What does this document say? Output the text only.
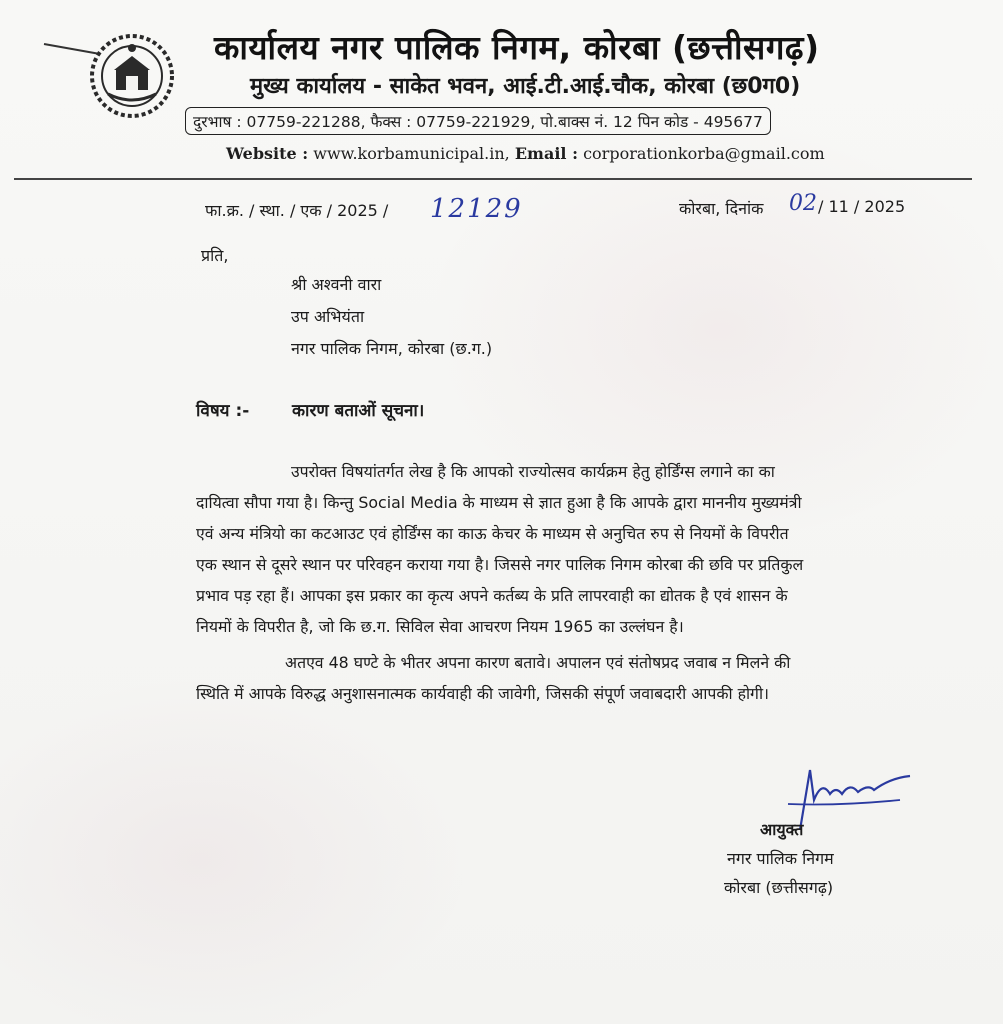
कार्यालय नगर पालिक निगम, कोरबा (छत्तीसगढ़)
मुख्य कार्यालय - साकेत भवन, आई.टी.आई.चौक, कोरबा (छ0ग0)
दुरभाष : 07759-221288, फैक्स : 07759-221929, पो.बाक्स नं. 12 पिन कोड - 495677
Website : www.korbamunicipal.in, Email : corporationkorba@gmail.com
फा.क्र. / स्था. / एक / 2025 / 12129	कोरबा, दिनांक 02 / 11 / 2025
प्रति,
श्री अश्वनी वारा
उप अभियंता
नगर पालिक निगम, कोरबा (छ.ग.)
विषय :-	कारण बताओं सूचना।
उपरोक्त विषयांतर्गत लेख है कि आपको राज्योत्सव कार्यक्रम हेतु होर्डिंग्स लगाने का का
दायित्वा सौपा गया है। किन्तु Social Media के माध्यम से ज्ञात हुआ है कि आपके द्वारा माननीय मुख्यमंत्री
एवं अन्य मंत्रियो का कटआउट एवं होर्डिंग्स का काऊ केचर के माध्यम से अनुचित रुप से नियमों के विपरीत
एक स्थान से दूसरे स्थान पर परिवहन कराया गया है। जिससे नगर पालिक निगम कोरबा की छवि पर प्रतिकुल
प्रभाव पड़ रहा हैं। आपका इस प्रकार का कृत्य अपने कर्तब्य के प्रति लापरवाही का द्योतक है एवं शासन के
नियमों के विपरीत है, जो कि छ.ग. सिविल सेवा आचरण नियम 1965 का उल्लंघन है।
अतएव 48 घण्टे के भीतर अपना कारण बतावे। अपालन एवं संतोषप्रद जवाब न मिलने की
स्थिति में आपके विरुद्ध अनुशासनात्मक कार्यवाही की जावेगी, जिसकी संपूर्ण जवाबदारी आपकी होगी।
आयुक्त
नगर पालिक निगम
कोरबा (छत्तीसगढ़)
